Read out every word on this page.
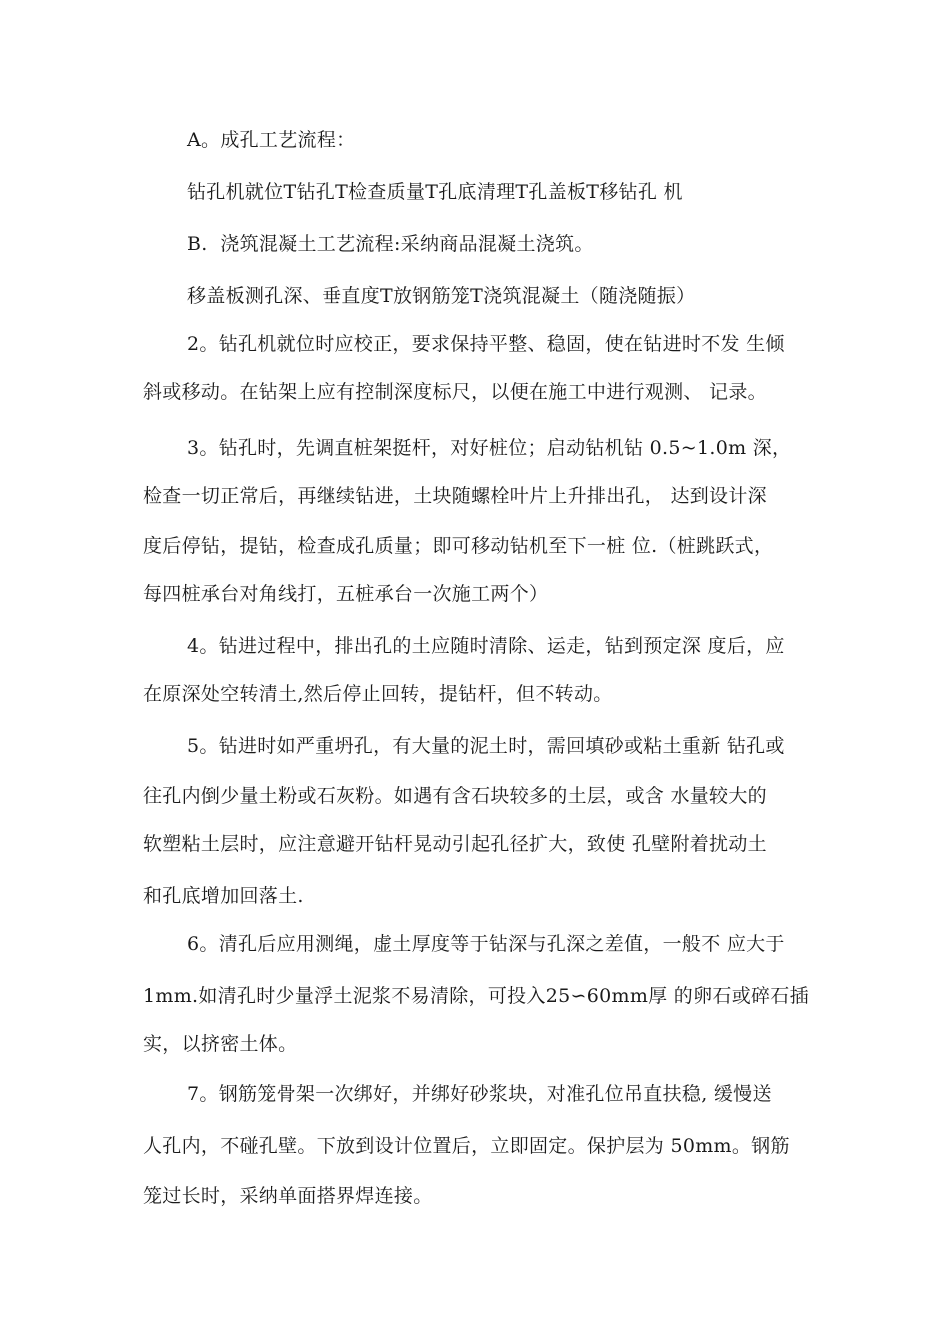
A。成孔工艺流程：
钻孔机就位T钻孔T检查质量T孔底清理T孔盖板T移钻孔 机
B.  浇筑混凝土工艺流程:采纳商品混凝土浇筑。
移盖板测孔深、垂直度T放钢筋笼T浇筑混凝土（随浇随振）
2。钻孔机就位时应校正，要求保持平整、稳固，使在钻进时不发 生倾
斜或移动。在钻架上应有控制深度标尺，以便在施工中进行观测、 记录。
3。钻孔时，先调直桩架挺杆，对好桩位；启动钻机钻 0.5~1.0m 深，
检查一切正常后，再继续钻进，土块随螺栓叶片上升排出孔， 达到设计深
度后停钻，提钻，检查成孔质量；即可移动钻机至下一桩 位.（桩跳跃式，
每四桩承台对角线打，五桩承台一次施工两个）
4。钻进过程中，排出孔的土应随时清除、运走，钻到预定深 度后，应
在原深处空转清土,然后停止回转，提钻杆，但不转动。
5。钻进时如严重坍孔，有大量的泥土时，需回填砂或粘土重新 钻孔或
往孔内倒少量土粉或石灰粉。如遇有含石块较多的土层，或含 水量较大的
软塑粘土层时，应注意避开钻杆晃动引起孔径扩大，致使 孔壁附着扰动土
和孔底增加回落土.
6。清孔后应用测绳，虚土厚度等于钻深与孔深之差值，一般不 应大于
1mm.如清孔时少量浮土泥浆不易清除，可投入25∽60mm厚 的卵石或碎石插
实，以挤密土体。
7。钢筋笼骨架一次绑好，并绑好砂浆块，对准孔位吊直扶稳, 缓慢送
人孔内，不碰孔壁。下放到设计位置后，立即固定。保护层为 50mm。钢筋
笼过长时，采纳单面搭界焊连接。
